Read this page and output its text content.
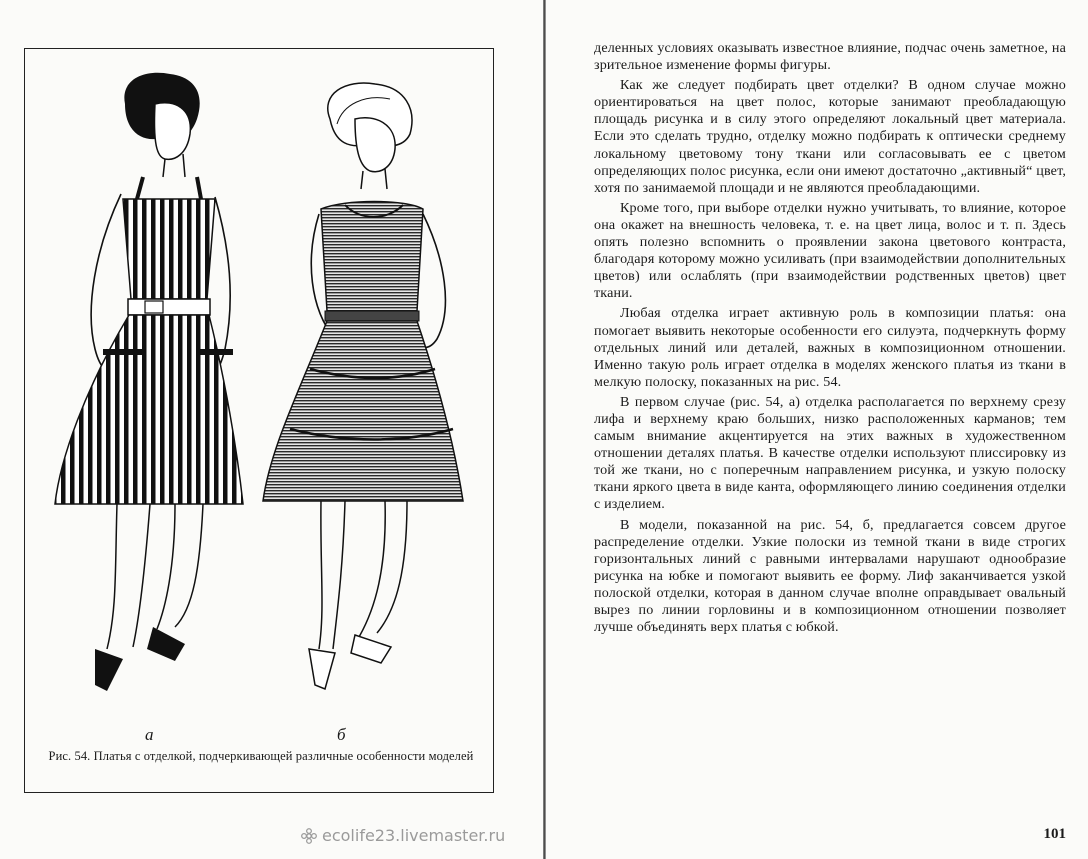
а	б
Рис. 54. Платья с отделкой, подчеркивающей различные особенности моделей

деленных условиях оказывать известное влияние, подчас очень заметное, на зрительное изменение формы фигуры.

Как же следует подбирать цвет отделки? В одном случае можно ориентироваться на цвет полос, которые занимают преобладающую площадь рисунка и в силу этого определяют локальный цвет материала. Если это сделать трудно, отделку можно подбирать к оптически среднему локальному цветовому тону ткани или согласовывать ее с цветом определяющих полос рисунка, если они имеют достаточно „активный“ цвет, хотя по занимаемой площади и не являются преобладающими.

Кроме того, при выборе отделки нужно учитывать, то влияние, которое она окажет на внешность человека, т. е. на цвет лица, волос и т. п. Здесь опять полезно вспомнить о проявлении закона цветового контраста, благодаря которому можно усиливать (при взаимодействии дополнительных цветов) или ослаблять (при взаимодействии родственных цветов) цвет ткани.

Любая отделка играет активную роль в композиции платья: она помогает выявить некоторые особенности его силуэта, подчеркнуть форму отдельных линий или деталей, важных в композиционном отношении. Именно такую роль играет отделка в моделях женского платья из ткани в мелкую полоску, показанных на рис. 54.

В первом случае (рис. 54, а) отделка располагается по верхнему срезу лифа и верхнему краю больших, низко расположенных карманов; тем самым внимание акцентируется на этих важных в художественном отношении деталях платья. В качестве отделки используют плиссировку из той же ткани, но с поперечным направлением рисунка, и узкую полоску ткани яркого цвета в виде канта, оформляющего линию соединения отделки с изделием.

В модели, показанной на рис. 54, б, предлагается совсем другое распределение отделки. Узкие полоски из темной ткани в виде строгих горизонтальных линий с равными интервалами нарушают однообразие рисунка на юбке и помогают выявить ее форму. Лиф заканчивается узкой полоской отделки, которая в данном случае вполне оправдывает овальный вырез по линии горловины и в композиционном отношении позволяет лучше объединять верх платья с юбкой.

101
ecolife23.livemaster.ru
